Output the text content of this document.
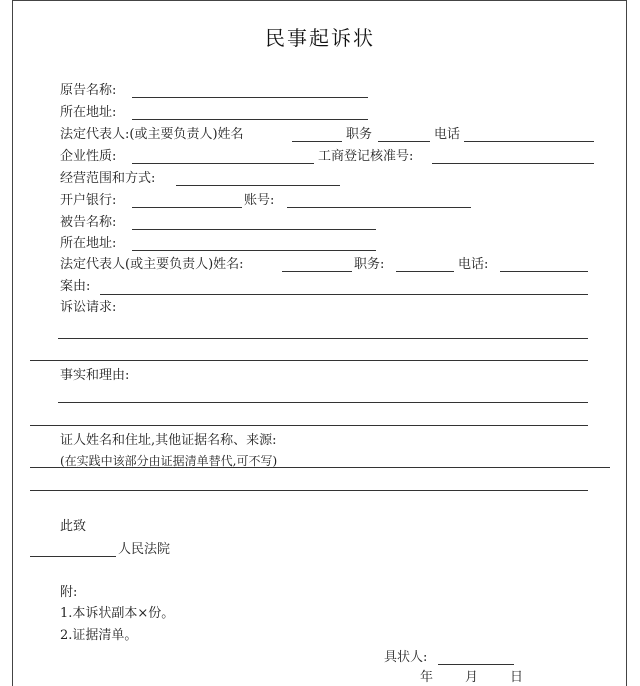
民事起诉状
原告名称:
所在地址:
法定代表人:(或主要负责人)姓名	职务	电话
企业性质:	工商登记核准号:
经营范围和方式:
开户银行:	账号:
被告名称:
所在地址:
法定代表人(或主要负责人)姓名:	职务:	电话:
案由:
诉讼请求:
事实和理由:
证人姓名和住址,其他证据名称、来源:
(在实践中该部分由证据清单替代,可不写)
此致
人民法院
附:
1.本诉状副本×份。
2.证据清单。
具状人:
年 月 日
